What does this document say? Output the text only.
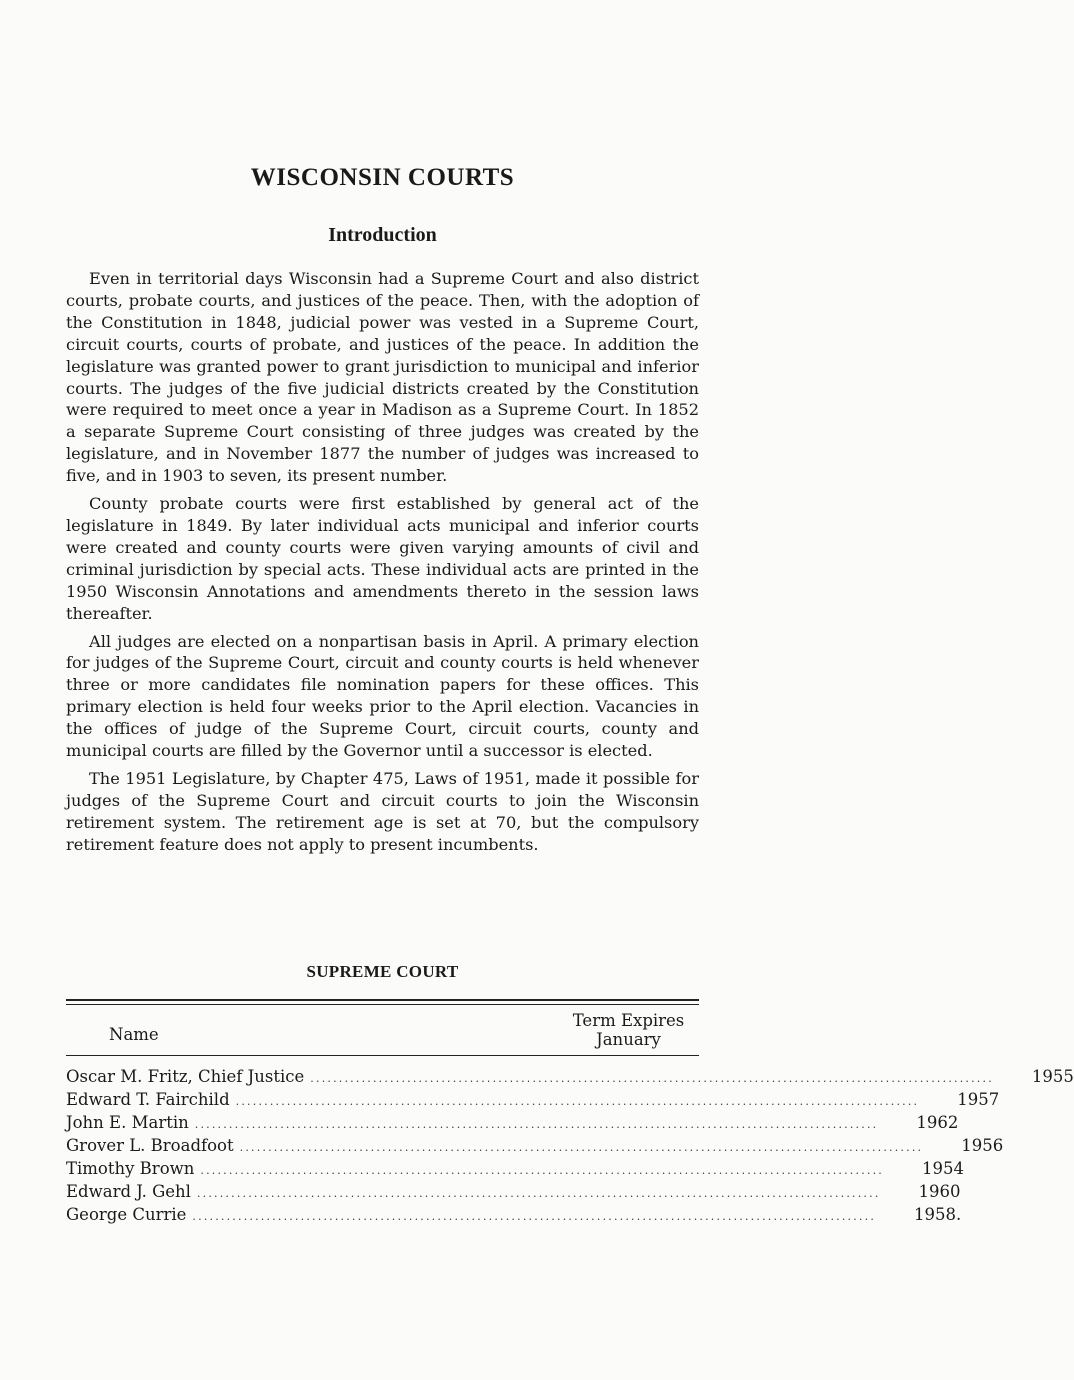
WISCONSIN COURTS
Introduction

Even in territorial days Wisconsin had a Supreme Court and also district courts, probate courts, and justices of the peace. Then, with the adoption of the Constitution in 1848, judicial power was vested in a Supreme Court, circuit courts, courts of probate, and justices of the peace. In addition the legislature was granted power to grant jurisdiction to municipal and inferior courts. The judges of the five judicial districts created by the Constitution were required to meet once a year in Madison as a Supreme Court. In 1852 a separate Supreme Court consisting of three judges was created by the legislature, and in November 1877 the number of judges was increased to five, and in 1903 to seven, its present number.

County probate courts were first established by general act of the legislature in 1849. By later individual acts municipal and inferior courts were created and county courts were given varying amounts of civil and criminal jurisdiction by special acts. These individual acts are printed in the 1950 Wisconsin Annotations and amendments thereto in the session laws thereafter.

All judges are elected on a nonpartisan basis in April. A primary election for judges of the Supreme Court, circuit and county courts is held whenever three or more candidates file nomination papers for these offices. This primary election is held four weeks prior to the April election. Vacancies in the offices of judge of the Supreme Court, circuit courts, county and municipal courts are filled by the Governor until a successor is elected.

The 1951 Legislature, by Chapter 475, Laws of 1951, made it possible for judges of the Supreme Court and circuit courts to join the Wisconsin retirement system. The retirement age is set at 70, but the compulsory retirement feature does not apply to present incumbents.

SUPREME COURT
Name
Term Expires
January
Oscar M. Fritz, Chief Justice ........................................................................................................................	1955
Edward T. Fairchild ........................................................................................................................	1957
John E. Martin ........................................................................................................................	1962
Grover L. Broadfoot ........................................................................................................................	1956
Timothy Brown ........................................................................................................................	1954
Edward J. Gehl ........................................................................................................................	1960
George Currie ........................................................................................................................	1958.
